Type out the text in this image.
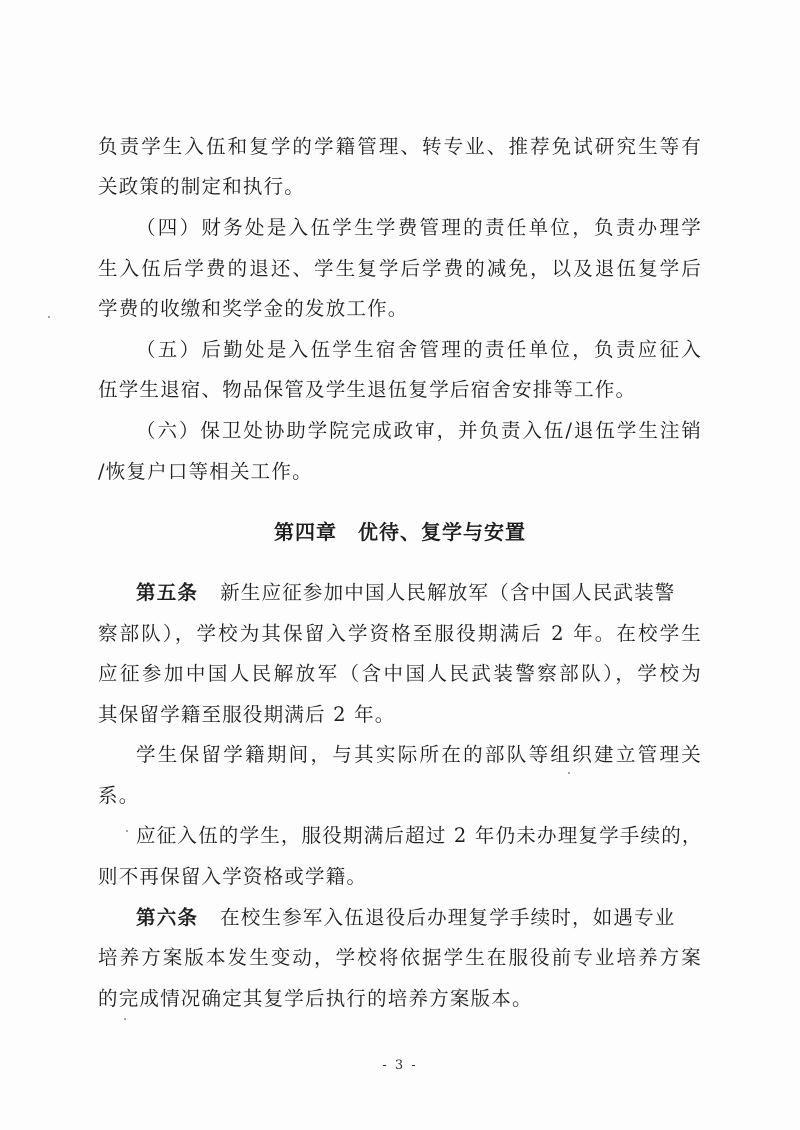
负责学生入伍和复学的学籍管理、转专业、推荐免试研究生等有
关政策的制定和执行。
（四）财务处是入伍学生学费管理的责任单位，负责办理学
生入伍后学费的退还、学生复学后学费的减免，以及退伍复学后
学费的收缴和奖学金的发放工作。
（五）后勤处是入伍学生宿舍管理的责任单位，负责应征入
伍学生退宿、物品保管及学生退伍复学后宿舍安排等工作。
（六）保卫处协助学院完成政审，并负责入伍/退伍学生注销
/恢复户口等相关工作。
第四章　优待、复学与安置
第五条 新生应征参加中国人民解放军（含中国人民武装警
察部队），学校为其保留入学资格至服役期满后 2 年。在校学生
应征参加中国人民解放军（含中国人民武装警察部队），学校为
其保留学籍至服役期满后 2 年。
学生保留学籍期间，与其实际所在的部队等组织建立管理关
系。
应征入伍的学生，服役期满后超过 2 年仍未办理复学手续的，
则不再保留入学资格或学籍。
第六条 在校生参军入伍退役后办理复学手续时，如遇专业
培养方案版本发生变动，学校将依据学生在服役前专业培养方案
的完成情况确定其复学后执行的培养方案版本。
- 3 -
